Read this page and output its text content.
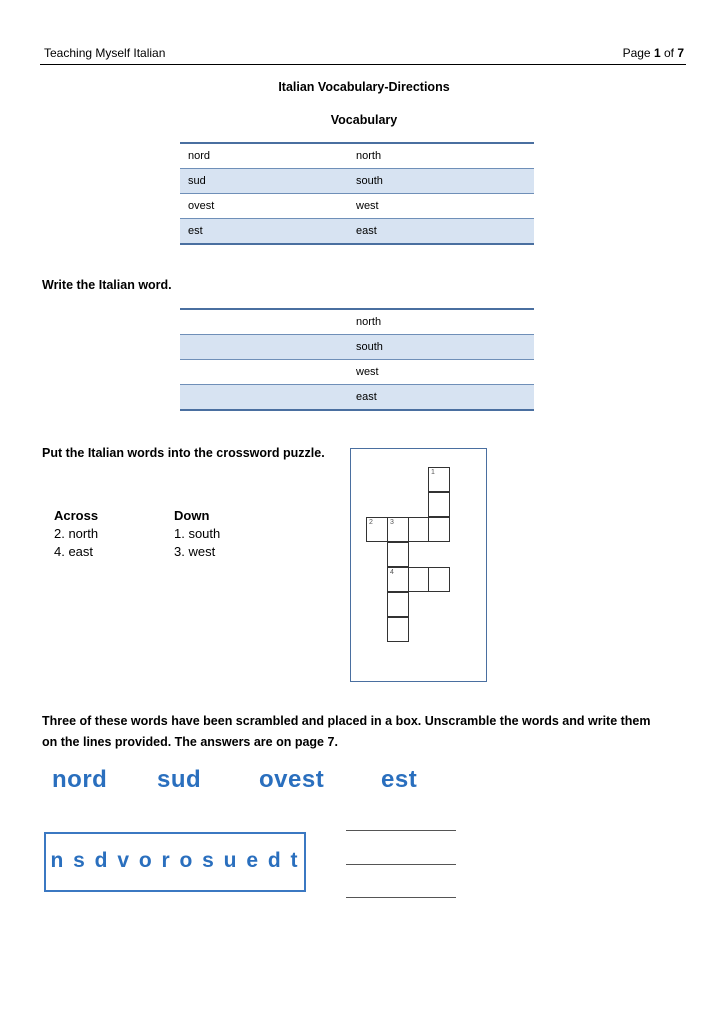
Teaching Myself Italian	Page 1 of 7
Italian Vocabulary-Directions
Vocabulary
nord	north
sud	south
ovest	west
est	east
Write the Italian word.
	north
	south
	west
	east
Put the Italian words into the crossword puzzle.
Across
2. north
4. east
Down
1. south
3. west
1
2 3
4
Three of these words have been scrambled and placed in a box. Unscramble the words and write them
on the lines provided. The answers are on page 7.
nord sud ovest est
n s d v o r o s u e d t
